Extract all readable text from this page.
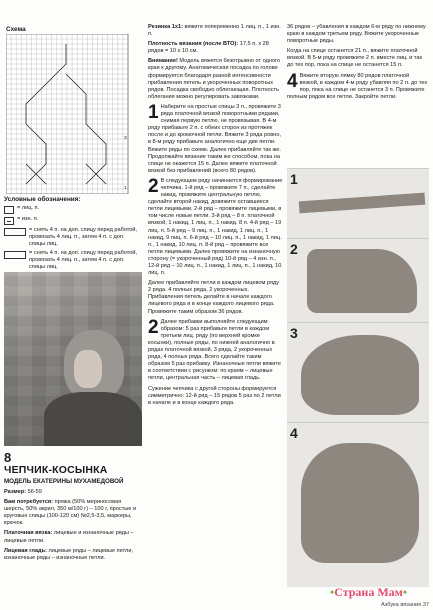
Схема
3
1
Условные обозначения:
= лиц. п.
= изн. п.
= снять 4 п. на доп. спицу перед работой, провязать 4 лиц. п., затем 4 п. с доп. спицы лиц.
= снять 4 п. на доп. спицу перед работой, провязать 4 лиц. п., затем 4 п. с доп. спицы лиц.
8
ЧЕПЧИК-КОСЫНКА
МОДЕЛЬ ЕКАТЕРИНЫ МУХАМЕДОВОЙ

Размер: 56-59

Вам потребуется: пряжа (50% мериносовая шерсть, 50% акрил, 350 м/100 г) – 100 г, простые и круговые спицы (100-120 см) №2,5-3,5, маркеры, крючок.

Платочная вязка: лицевые и изнаночные ряды – лицевые петли.

Лицевая гладь: лицевые ряды – лицевые петли, изнаночные ряды – изнаночные петли.

Резинка 1х1: вяжите попеременно 1 лиц. п., 1 изн. п.

Плотность вязания (после ВТО): 17,5 п. х 28 рядов = 10 х 10 см.

Внимание! Модель вяжется безотрывно от одного края к другому. Анатомическая посадка по голове формируется благодаря разной интенсивности прибавления петель и укороченных поворотных рядов. Посадка свободно облегающая. Плотность облегания можно регулировать завязками.

1 Наберите на простые спицы 3 п., провяжите 3 ряда платочной вязкой поворотными рядами, снимая первую петлю, не провязывая. В 4-м ряду прибавьте 2 п. с обеих сторон из протяжек после и до кромочной петли. Вяжите 3 ряда ровно, в 8-м ряду прибавьте аналогично еще две петли. Вяжите ряды по схеме. Далее прибавляйте так же. Продолжайте вязание таким же способом, пока на спице не окажется 15 п. Далее вяжите платочной вязкой без прибавлений (всего 80 рядов).

2 В следующем ряду начинается формирование чепчика. 1-й ряд – провяжите 7 п., сделайте накид, провяжите центральную петлю, сделайте второй накид, довяжите оставшиеся петли лицевыми. 2-й ряд – провяжите лицевыми, в том числе новые петли. 3-й ряд – 8 п. платочной вязкой, 1 накид, 1 лиц. п., 1 накид. 8 п. 4-й ряд – 19 лиц. п. 5-й ряд – 9 лиц. п., 1 накид, 1 лиц. п., 1 накид, 9 лиц. п. 6-й ряд – 10 лиц. п., 1 накид, 1 лиц. п., 1 накид, 10 лиц. п. 8-й ряд – провяжите все петли лицевыми. Далее провяжите на изнаночную сторону (= укороченный ряд) 10-й ряд – 4 изн. п., 12-й ряд – 10 лиц. п., 1 накид, 1 лиц. п., 1 накид, 10 лиц. п.

Далее прибавляйте петли в каждом лицевом ряду 2 ряда. 4 полных ряда, 2 укороченных. Прибавления петель делайте в начале каждого лицевого ряда и в конце каждого лицевого ряда. Провяжите таким образом 36 рядов.

2 Далее прибавки выполняйте следующим образом: 5 раз прибавьте петли в каждом третьем лиц. ряду (по верхней кромке косынки), полные ряды, по нижней аналогично в рядах платочной вязкой, 3 ряда, 2 укороченных ряда, 4 полных ряда. Всего сделайте таким образом 5 раз прибавку. Изнаночные петли вяжите в соответствии с рисунком: по краям – лицевые петли, центральная часть – лицевая гладь.

Сужение чепчика с другой стороны формируется симметрично: 12-й ряд – 15 рядов 5 раз по 2 петли в начале и в конце каждого ряда.

36 рядов – убавления в каждом 6-м ряду по нижнему краю в каждом третьем ряду. Вяжите укороченные поворотные ряды.

Когда на спице останется 21 п., вяжите платочной вязкой. В 5-м ряду провяжите 2 п. вместе лиц. и так до тех пор, пока на спице не останется 15 п.

4 Вяжите вторую лямку 80 рядов платочной вязкой, в каждом 4-м ряду убавляя по 2 п. до тех пор, пока на спице не останется 3 п. Провяжите полным рядом все петли. Закройте петли.

1
2
3
4
Азбука вязания 37
•Страна Мам•
